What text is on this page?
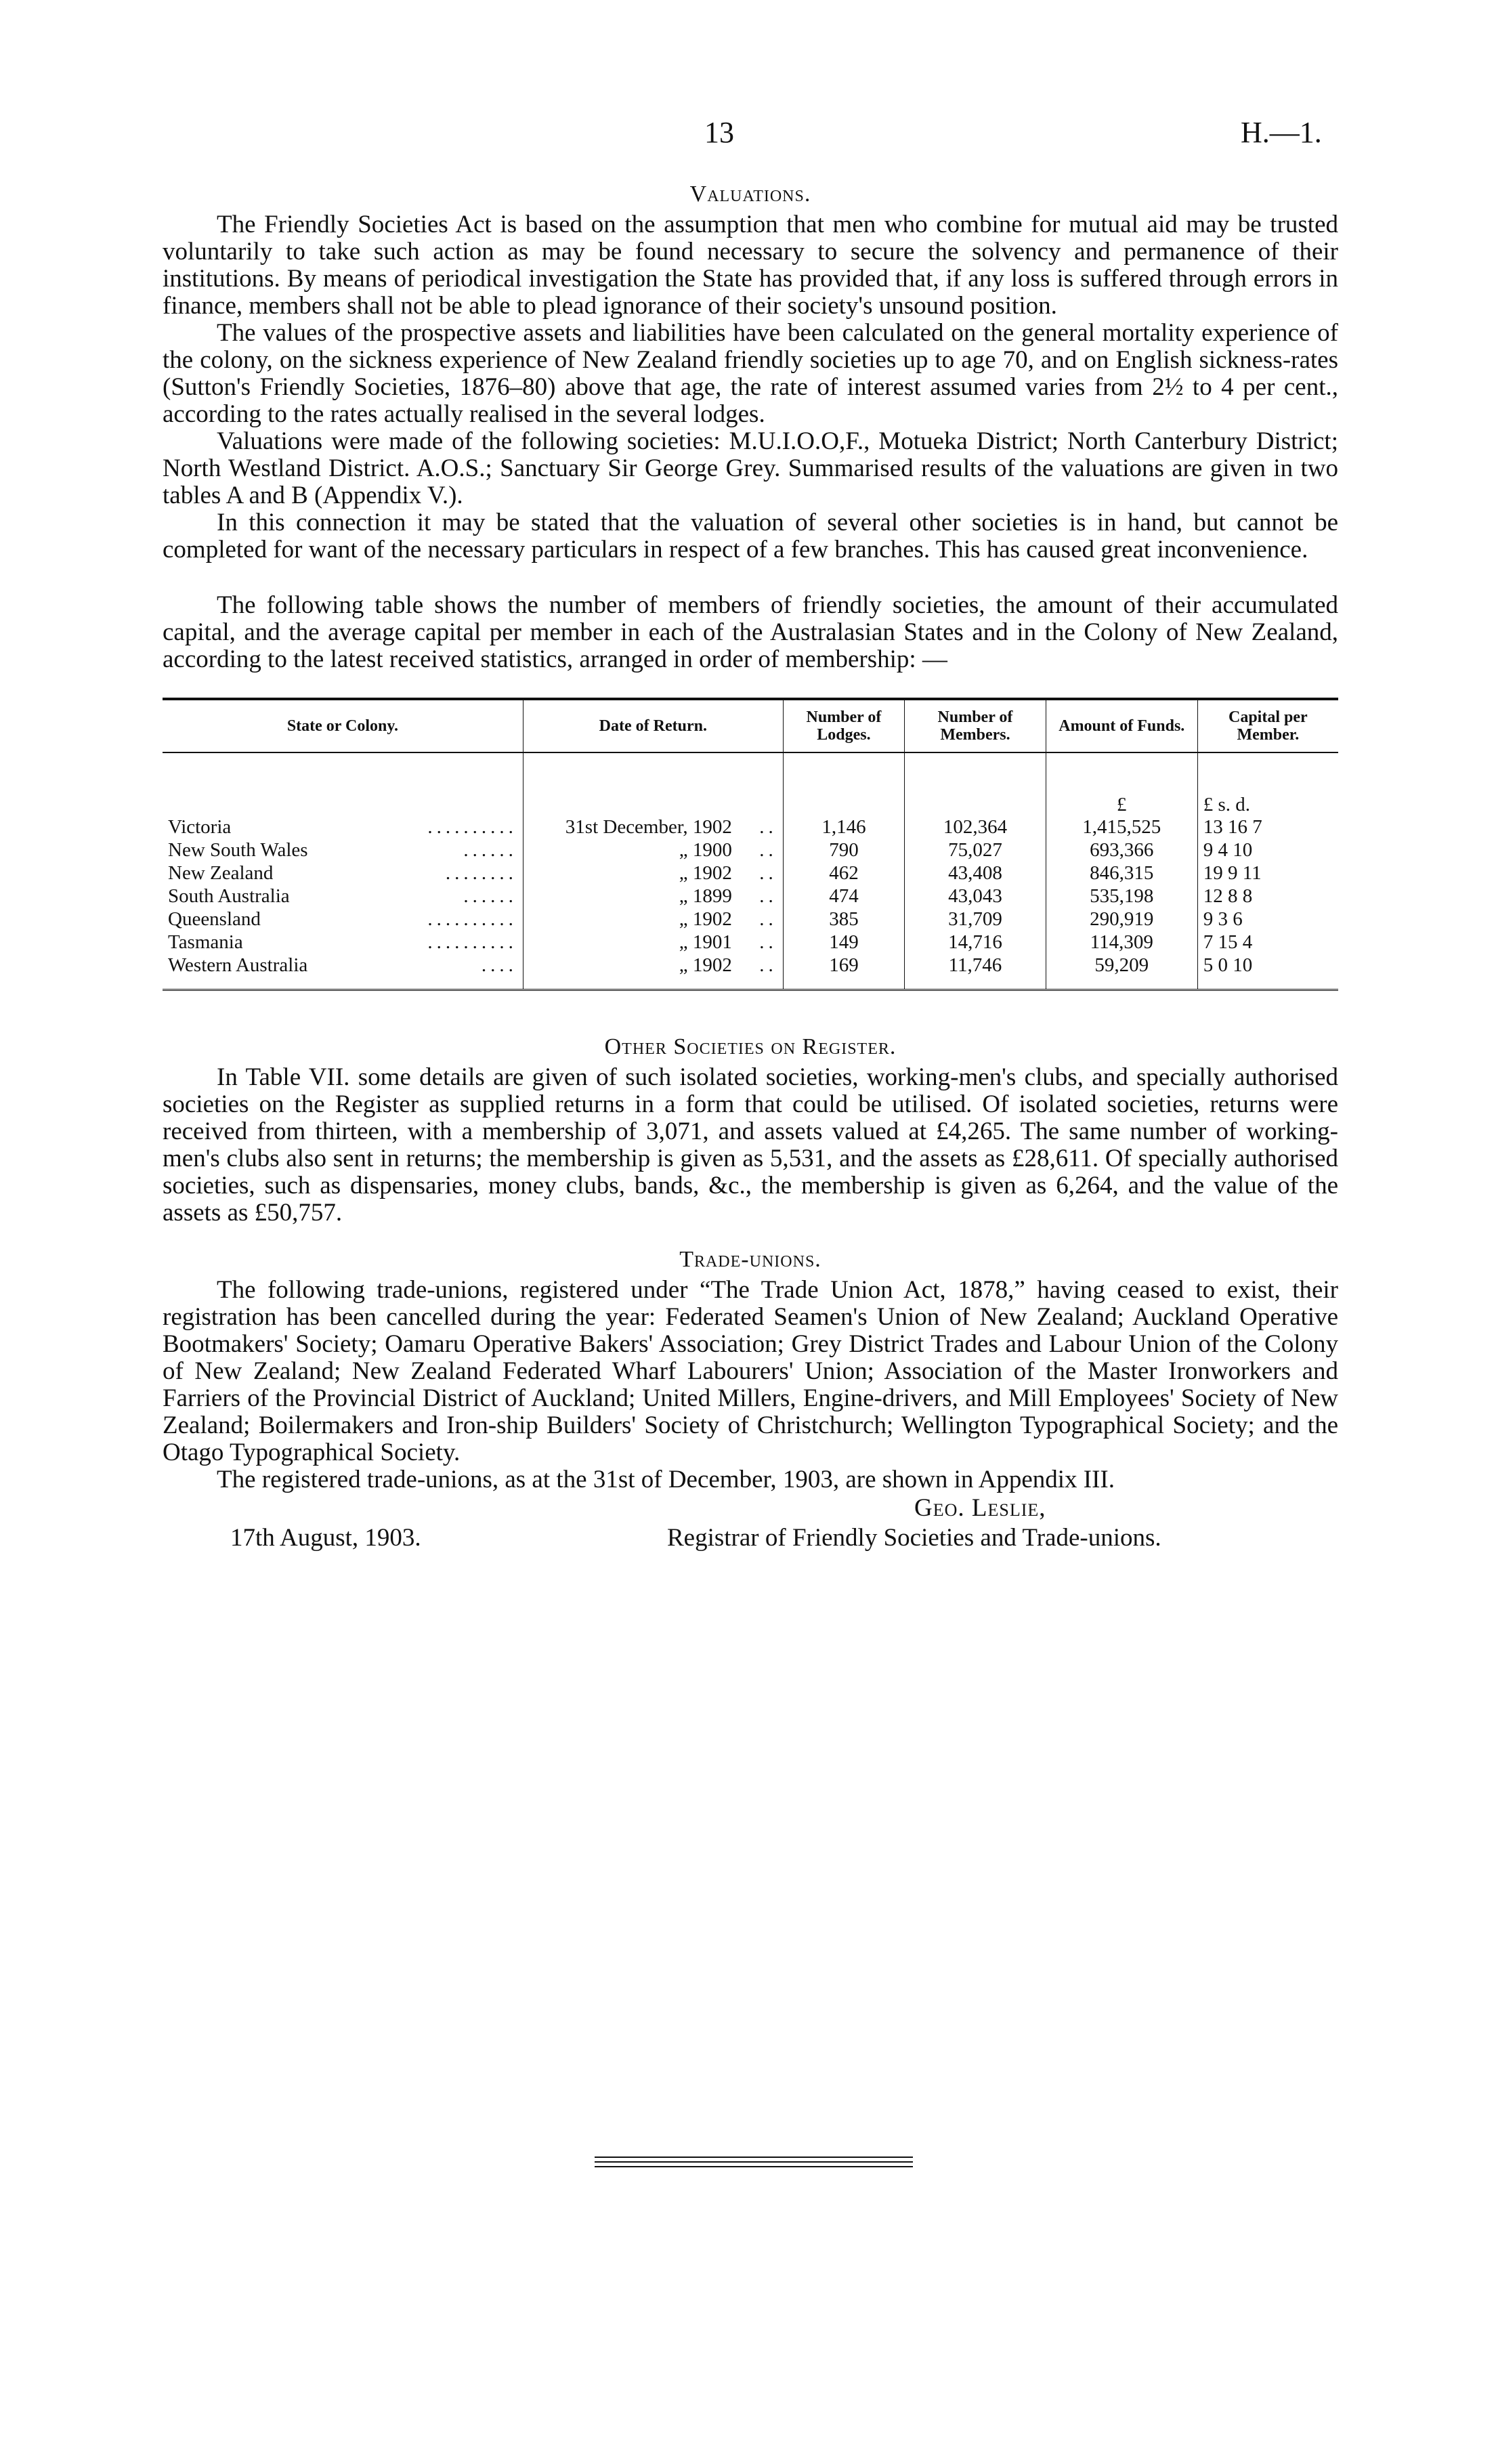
13	H.—1.
Valuations.

The Friendly Societies Act is based on the assumption that men who combine for mutual aid may be trusted voluntarily to take such action as may be found necessary to secure the solvency and permanence of their institutions. By means of periodical investigation the State has provided that, if any loss is suffered through errors in finance, members shall not be able to plead ignorance of their society's unsound position.

The values of the prospective assets and liabilities have been calculated on the general mortality experience of the colony, on the sickness experience of New Zealand friendly societies up to age 70, and on English sickness-rates (Sutton's Friendly Societies, 1876–80) above that age, the rate of interest assumed varies from 2½ to 4 per cent., according to the rates actually realised in the several lodges.

Valuations were made of the following societies: M.U.I.O.O,F., Motueka District; North Canterbury District; North Westland District. A.O.S.; Sanctuary Sir George Grey. Summarised results of the valuations are given in two tables A and B (Appendix V.).

In this connection it may be stated that the valuation of several other societies is in hand, but cannot be completed for want of the necessary particulars in respect of a few branches. This has caused great inconvenience.

The following table shows the number of members of friendly societies, the amount of their accumulated capital, and the average capital per member in each of the Australasian States and in the Colony of New Zealand, according to the latest received statistics, arranged in order of membership: —

State or Colony.	Date of Return.	Number of Lodges.	Number of Members.	Amount of Funds.	Capital per Member.
				£	£ s. d.
Victoria ..........	31st December, 1902 ..	1,146	102,364	1,415,525	13 16 7
New South Wales ......	„ 1900 ..	790	75,027	693,366	9 4 10
New Zealand ........	„ 1902 ..	462	43,408	846,315	19 9 11
South Australia ......	„ 1899 ..	474	43,043	535,198	12 8 8
Queensland ..........	„ 1902 ..	385	31,709	290,919	9 3 6
Tasmania ..........	„ 1901 ..	149	14,716	114,309	7 15 4
Western Australia ....	„ 1902 ..	169	11,746	59,209	5 0 10

Other Societies on Register.

In Table VII. some details are given of such isolated societies, working-men's clubs, and specially authorised societies on the Register as supplied returns in a form that could be utilised. Of isolated societies, returns were received from thirteen, with a membership of 3,071, and assets valued at £4,265. The same number of working-men's clubs also sent in returns; the membership is given as 5,531, and the assets as £28,611. Of specially authorised societies, such as dispensaries, money clubs, bands, &c., the membership is given as 6,264, and the value of the assets as £50,757.

Trade-unions.

The following trade-unions, registered under “The Trade Union Act, 1878,” having ceased to exist, their registration has been cancelled during the year: Federated Seamen's Union of New Zealand; Auckland Operative Bootmakers' Society; Oamaru Operative Bakers' Association; Grey District Trades and Labour Union of the Colony of New Zealand; New Zealand Federated Wharf Labourers' Union; Association of the Master Ironworkers and Farriers of the Provincial District of Auckland; United Millers, Engine-drivers, and Mill Employees' Society of New Zealand; Boilermakers and Iron-ship Builders' Society of Christchurch; Wellington Typographical Society; and the Otago Typographical Society.

The registered trade-unions, as at the 31st of December, 1903, are shown in Appendix III.

Geo. Leslie,
17th August, 1903.	Registrar of Friendly Societies and Trade-unions.
